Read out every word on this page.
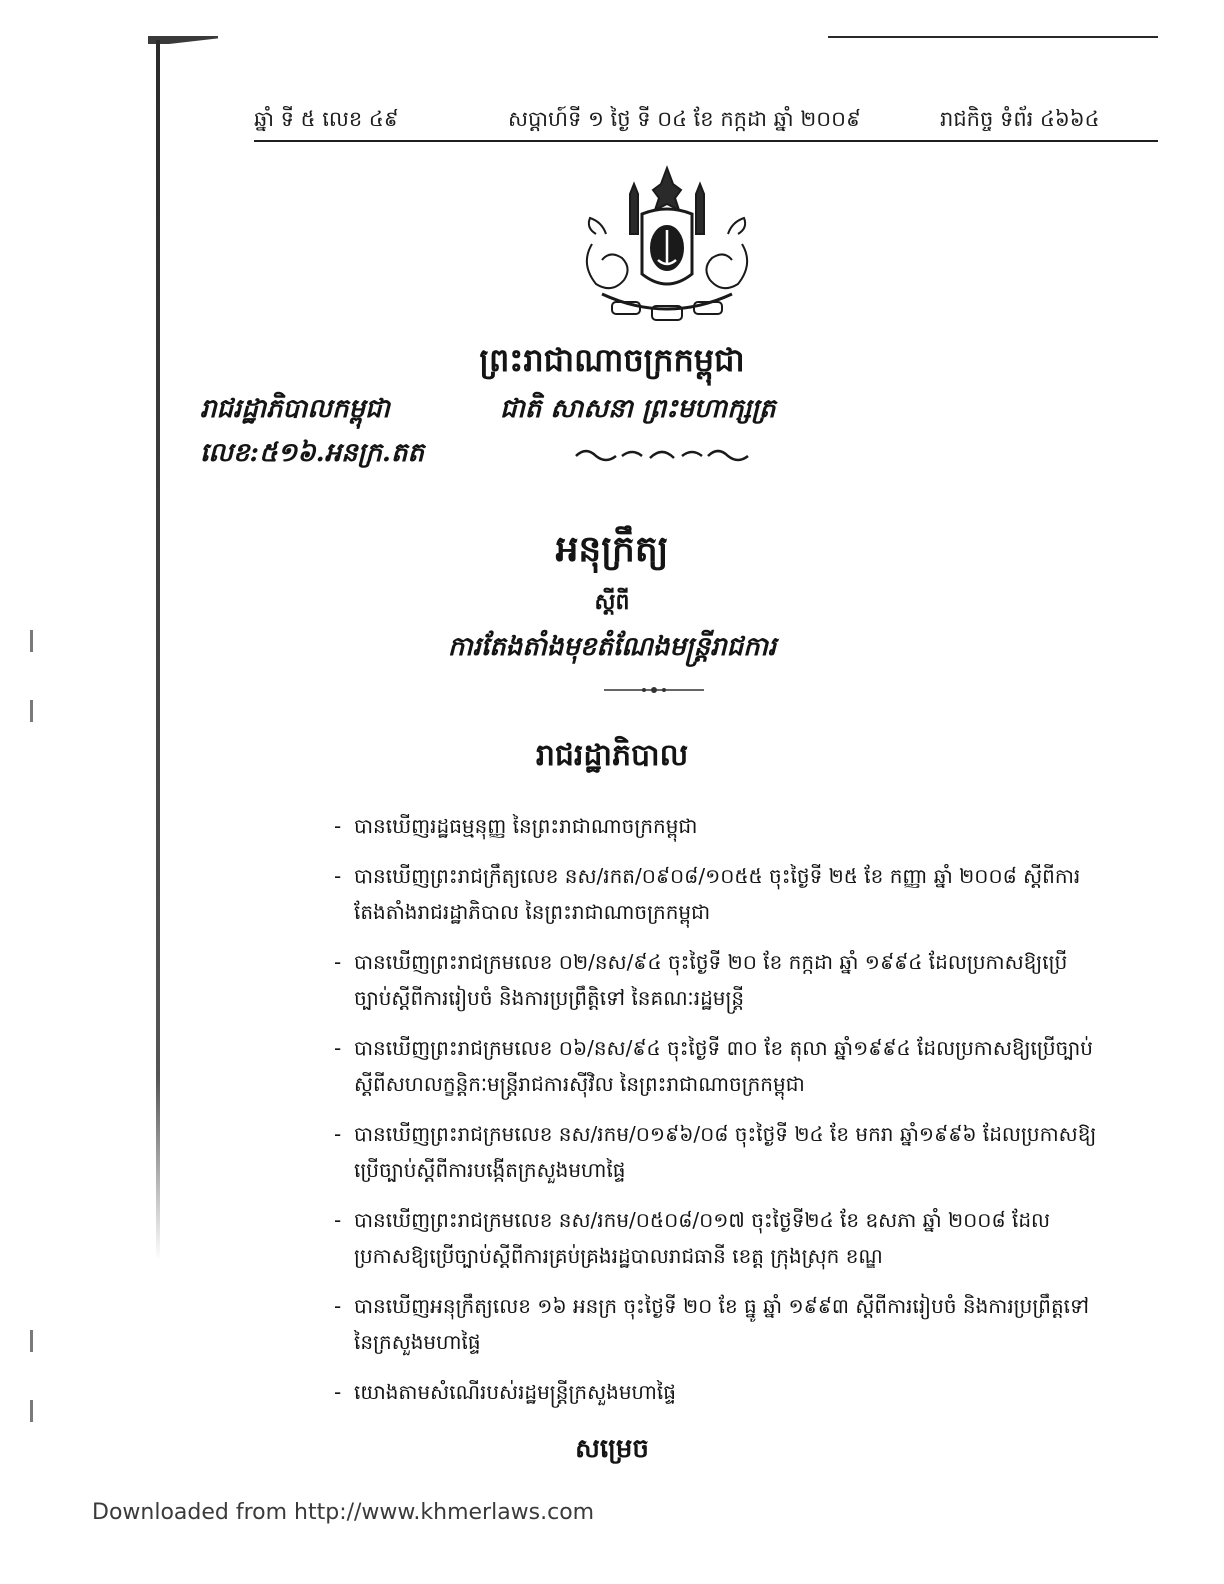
ឆ្នាំ ទី ៥ លេខ ៤៩	សប្តាហ៍ទី ១ ថ្ងៃ ទី ០៤ ខែ កក្កដា ឆ្នាំ ២០០៩	រាជកិច្ច ទំព័រ ៤៦៦៤
ព្រះរាជាណាចក្រកម្ពុជា
រាជរដ្ឋាភិបាលកម្ពុជា
លេខ:៥១៦.អនក្រ.តត
ជាតិ សាសនា ព្រះមហាក្សត្រ
អនុក្រឹត្យ
ស្តីពី
ការតែងតាំងមុខតំណែងមន្ត្រីរាជការ
រាជរដ្ឋាភិបាល
- បានឃើញរដ្ឋធម្មនុញ្ញ នៃព្រះរាជាណាចក្រកម្ពុជា
- បានឃើញព្រះរាជក្រឹត្យលេខ នស/រកត/០៩០៨/១០៥៥ ចុះថ្ងៃទី ២៥ ខែ កញ្ញា ឆ្នាំ ២០០៨ ស្តីពីការតែងតាំងរាជរដ្ឋាភិបាល នៃព្រះរាជាណាចក្រកម្ពុជា
- បានឃើញព្រះរាជក្រមលេខ ០២/នស/៩៤ ចុះថ្ងៃទី ២០ ខែ កក្កដា ឆ្នាំ ១៩៩៤ ដែលប្រកាសឱ្យប្រើច្បាប់ស្តីពីការរៀបចំ និងការប្រព្រឹត្តិទៅ នៃគណៈរដ្ឋមន្ត្រី
- បានឃើញព្រះរាជក្រមលេខ ០៦/នស/៩៤ ចុះថ្ងៃទី ៣០ ខែ តុលា ឆ្នាំ១៩៩៤ ដែលប្រកាសឱ្យប្រើច្បាប់ស្តីពីសហលក្ខន្តិកៈមន្ត្រីរាជការស៊ីវិល នៃព្រះរាជាណាចក្រកម្ពុជា
- បានឃើញព្រះរាជក្រមលេខ នស/រកម/០១៩៦/០៨ ចុះថ្ងៃទី ២៤ ខែ មករា ឆ្នាំ១៩៩៦ ដែលប្រកាសឱ្យប្រើច្បាប់ស្តីពីការបង្កើតក្រសួងមហាផ្ទៃ
- បានឃើញព្រះរាជក្រមលេខ នស/រកម/០៥០៨/០១៧ ចុះថ្ងៃទី២៤ ខែ ឧសភា ឆ្នាំ ២០០៨ ដែលប្រកាសឱ្យប្រើច្បាប់ស្តីពីការគ្រប់គ្រងរដ្ឋបាលរាជធានី ខេត្ត ក្រុងស្រុក ខណ្ឌ
- បានឃើញអនុក្រឹត្យលេខ ១៦ អនក្រ ចុះថ្ងៃទី ២០ ខែ ធ្នូ ឆ្នាំ ១៩៩៣ ស្តីពីការរៀបចំ និងការប្រព្រឹត្តទៅ នៃក្រសួងមហាផ្ទៃ
- យោងតាមសំណើរបស់រដ្ឋមន្ត្រីក្រសួងមហាផ្ទៃ
សម្រេច
Downloaded from http://www.khmerlaws.com
